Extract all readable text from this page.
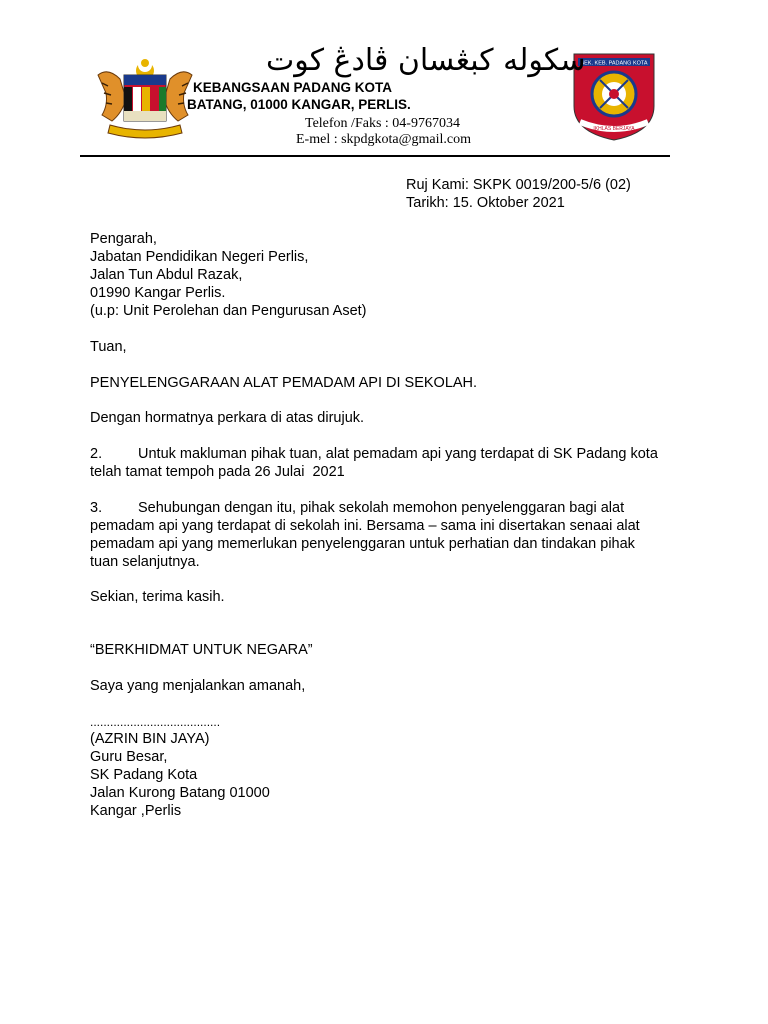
SEK. KEB. PADANG KOTA
IKHLAS BERJAYA
سكوله كبڠسان ڤادڠ كوت
KEBANGSAAN PADANG KOTA
BATANG, 01000 KANGAR, PERLIS.
Telefon /Faks : 04-9767034
E-mel : skpdgkota@gmail.com
Ruj Kami: SKPK 0019/200-5/6 (02)
Tarikh: 15. Oktober 2021
Pengarah,
Jabatan Pendidikan Negeri Perlis,
Jalan Tun Abdul Razak,
01990 Kangar Perlis.
(u.p: Unit Perolehan dan Pengurusan Aset)
Tuan,
PENYELENGGARAAN ALAT PEMADAM API DI SEKOLAH.
Dengan hormatnya perkara di atas dirujuk.
2. Untuk makluman pihak tuan, alat pemadam api yang terdapat di SK Padang kota
telah tamat tempoh pada 26 Julai  2021
3. Sehubungan dengan itu, pihak sekolah memohon penyelenggaran bagi alat
pemadam api yang terdapat di sekolah ini. Bersama – sama ini disertakan senaai alat
pemadam api yang memerlukan penyelenggaran untuk perhatian dan tindakan pihak
tuan selanjutnya.
Sekian, terima kasih.
“BERKHIDMAT UNTUK NEGARA”
Saya yang menjalankan amanah,
.......................................
(AZRIN BIN JAYA)
Guru Besar,
SK Padang Kota
Jalan Kurong Batang 01000
Kangar ,Perlis
